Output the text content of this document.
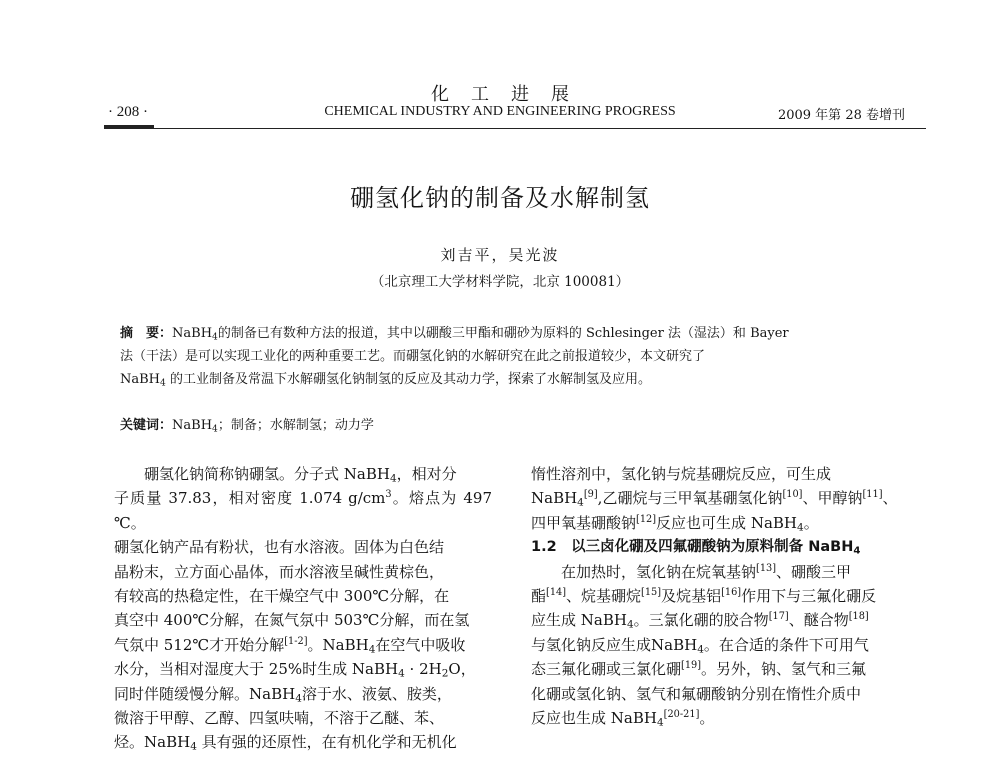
化工进展
· 208 ·	CHEMICAL INDUSTRY AND ENGINEERING PROGRESS	2009 年第 28 卷增刊
硼氢化钠的制备及水解制氢
刘吉平，吴光波
（北京理工大学材料学院，北京 100081）

摘　要：NaBH$_4$的制备已有数种方法的报道，其中以硼酸三甲酯和硼砂为原料的 Schlesinger 法（湿法）和 Bayer

法（干法）是可以实现工业化的两种重要工艺。而硼氢化钠的水解研究在此之前报道较少，本文研究了

NaBH$_4$ 的工业制备及常温下水解硼氢化钠制氢的反应及其动力学，探索了水解制氢及应用。

关键词：NaBH$_4$；制备；水解制氢；动力学

硼氢化钠简称钠硼氢。分子式 NaBH$_4$，相对分

子质量 37.83，相对密度 1.074 $g/cm^3$。熔点为 497 ℃。

硼氢化钠产品有粉状，也有水溶液。固体为白色结

晶粉末，立方面心晶体，而水溶液呈碱性黄棕色，

有较高的热稳定性，在干燥空气中 300℃分解，在

真空中 400℃分解，在氮气氛中 503℃分解，而在氢

气氛中 512℃才开始分解[1-2]。NaBH$_4$在空气中吸收

水分，当相对湿度大于 25%时生成 NaBH$_4$ · $2H_2O$，

同时伴随缓慢分解。NaBH$_4$溶于水、液氨、胺类，

微溶于甲醇、乙醇、四氢呋喃，不溶于乙醚、苯、

烃。NaBH$_4$ 具有强的还原性，在有机化学和无机化

惰性溶剂中，氢化钠与烷基硼烷反应，可生成

NaBH$_4$[9],乙硼烷与三甲氧基硼氢化钠[10]、甲醇钠[11]、

四甲氧基硼酸钠[12]反应也可生成 NaBH$_4$。

1.2　以三卤化硼及四氟硼酸钠为原料制备 NaBH$_4$

在加热时，氢化钠在烷氧基钠[13]、硼酸三甲

酯[14]、烷基硼烷[15]及烷基铝[16]作用下与三氟化硼反

应生成 NaBH$_4$。三氯化硼的胶合物[17]、醚合物[18]

与氢化钠反应生成NaBH$_4$。在合适的条件下可用气

态三氟化硼或三氯化硼[19]。另外，钠、氢气和三氟

化硼或氢化钠、氢气和氟硼酸钠分别在惰性介质中

反应也生成 NaBH$_4$[20-21]。
